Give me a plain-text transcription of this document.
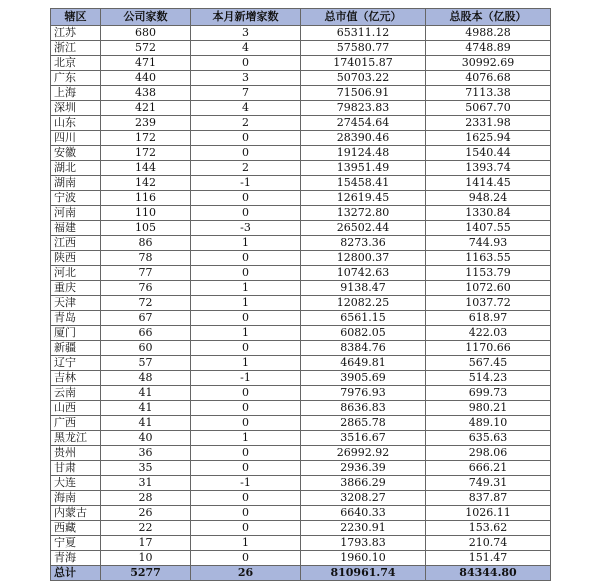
辖区	公司家数	本月新增家数	总市值（亿元）	总股本（亿股）
江苏	680	3	65311.12	4988.28
浙江	572	4	57580.77	4748.89
北京	471	0	174015.87	30992.69
广东	440	3	50703.22	4076.68
上海	438	7	71506.91	7113.38
深圳	421	4	79823.83	5067.70
山东	239	2	27454.64	2331.98
四川	172	0	28390.46	1625.94
安徽	172	0	19124.48	1540.44
湖北	144	2	13951.49	1393.74
湖南	142	-1	15458.41	1414.45
宁波	116	0	12619.45	948.24
河南	110	0	13272.80	1330.84
福建	105	-3	26502.44	1407.55
江西	86	1	8273.36	744.93
陕西	78	0	12800.37	1163.55
河北	77	0	10742.63	1153.79
重庆	76	1	9138.47	1072.60
天津	72	1	12082.25	1037.72
青岛	67	0	6561.15	618.97
厦门	66	1	6082.05	422.03
新疆	60	0	8384.76	1170.66
辽宁	57	1	4649.81	567.45
吉林	48	-1	3905.69	514.23
云南	41	0	7976.93	699.73
山西	41	0	8636.83	980.21
广西	41	0	2865.78	489.10
黑龙江	40	1	3516.67	635.63
贵州	36	0	26992.92	298.06
甘肃	35	0	2936.39	666.21
大连	31	-1	3866.29	749.31
海南	28	0	3208.27	837.87
内蒙古	26	0	6640.33	1026.11
西藏	22	0	2230.91	153.62
宁夏	17	1	1793.83	210.74
青海	10	0	1960.10	151.47
总计	5277	26	810961.74	84344.80
